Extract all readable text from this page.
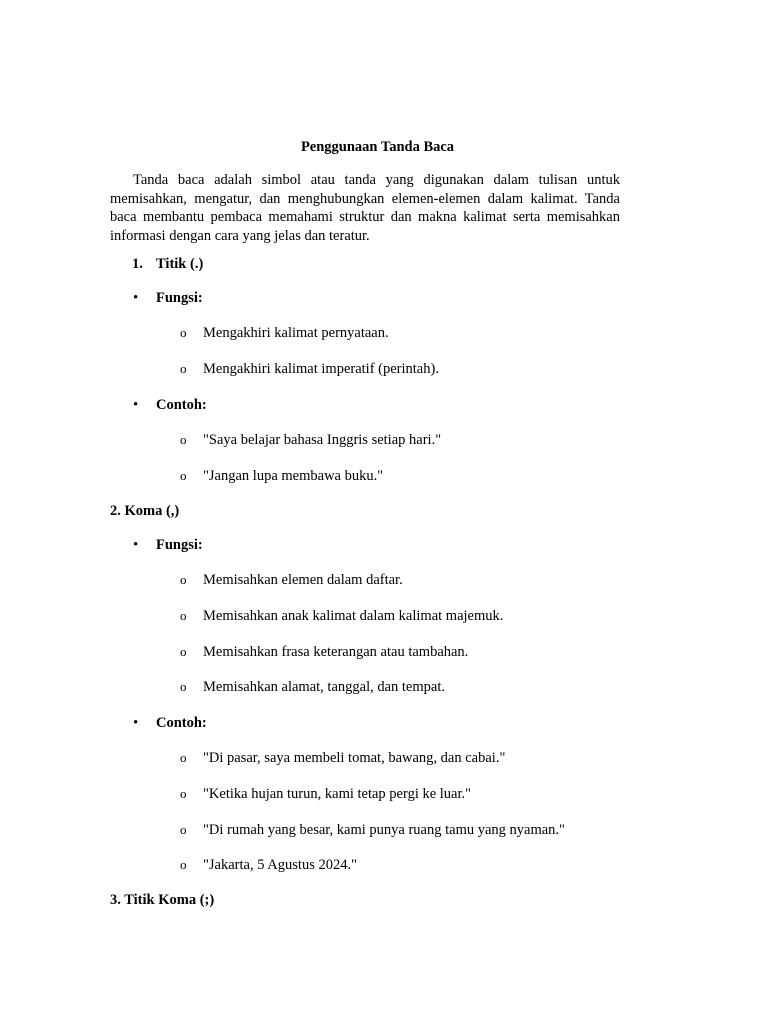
Penggunaan Tanda Baca

Tanda baca adalah simbol atau tanda yang digunakan dalam tulisan untuk memisahkan, mengatur, dan menghubungkan elemen-elemen dalam kalimat. Tanda baca membantu pembaca memahami struktur dan makna kalimat serta memisahkan informasi dengan cara yang jelas dan teratur.

1. Titik (.)
• Fungsi:
o Mengakhiri kalimat pernyataan.
o Mengakhiri kalimat imperatif (perintah).
• Contoh:
o "Saya belajar bahasa Inggris setiap hari."
o "Jangan lupa membawa buku."
2. Koma (,)
• Fungsi:
o Memisahkan elemen dalam daftar.
o Memisahkan anak kalimat dalam kalimat majemuk.
o Memisahkan frasa keterangan atau tambahan.
o Memisahkan alamat, tanggal, dan tempat.
• Contoh:
o "Di pasar, saya membeli tomat, bawang, dan cabai."
o "Ketika hujan turun, kami tetap pergi ke luar."
o "Di rumah yang besar, kami punya ruang tamu yang nyaman."
o "Jakarta, 5 Agustus 2024."
3. Titik Koma (;)
